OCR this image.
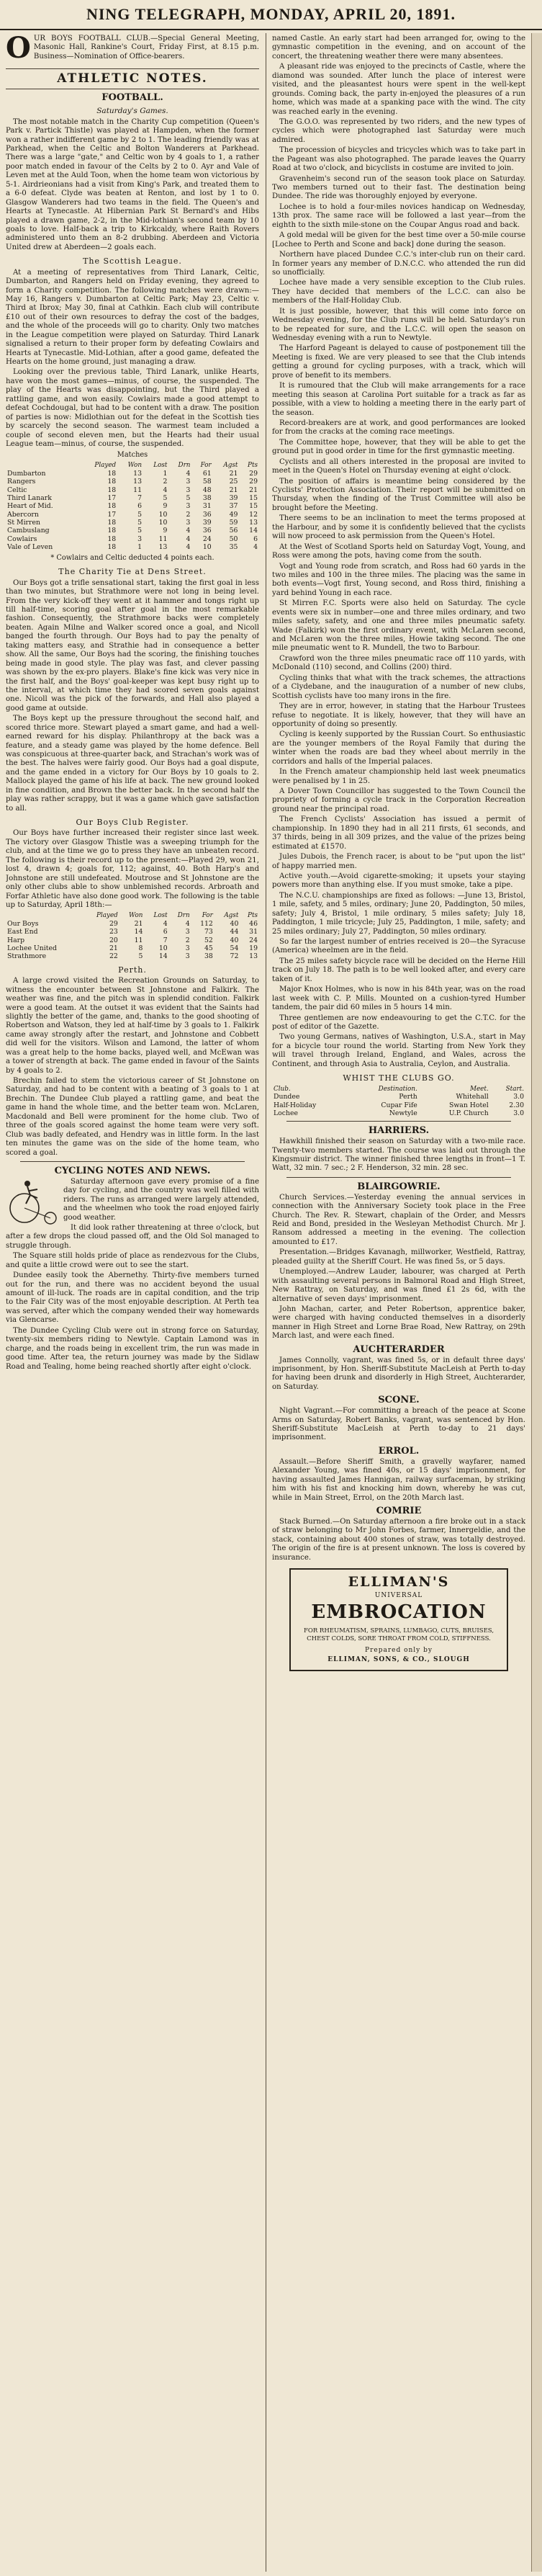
NING TELEGRAPH, MONDAY, APRIL 20, 1891.

OUR BOYS FOOTBALL CLUB.—Special General Meeting, Masonic Hall, Rankine's Court, Friday First, at 8.15 p.m. Business—Nomination of Office-bearers.

ATHLETIC NOTES.
FOOTBALL.
Saturday's Games.

The most notable match in the Charity Cup competition (Queen's Park v. Partick Thistle) was played at Hampden, when the former won a rather indifferent game by 2 to 1. The leading friendly was at Parkhead, when the Celtic and Bolton Wanderers at Parkhead. There was a large "gate," and Celtic won by 4 goals to 1, a rather poor match ended in favour of the Celts by 2 to 0. Ayr and Vale of Leven met at the Auld Toon, when the home team won victorious by 5-1. Airdrieonians had a visit from King's Park, and treated them to a 6-0 defeat. Clyde was beaten at Renton, and lost by 1 to 0. Glasgow Wanderers had two teams in the field. The Queen's and Hearts at Tynecastle. At Hibernian Park St Bernard's and Hibs played a drawn game, 2-2, in the Mid-lothian's second team by 10 goals to love. Half-back a trip to Kirkcaldy, where Raith Rovers administered unto them an 8-2 drubbing. Aberdeen and Victoria United drew at Aberdeen—2 goals each.

The Scottish League.

At a meeting of representatives from Third Lanark, Celtic, Dumbarton, and Rangers held on Friday evening, they agreed to form a Charity competition. The following matches were drawn:—May 16, Rangers v. Dumbarton at Celtic Park; May 23, Celtic v. Third at Ibrox; May 30, final at Cathkin. Each club will contribute £10 out of their own resources to defray the cost of the badges, and the whole of the proceeds will go to charity. Only two matches in the League competition were played on Saturday. Third Lanark signalised a return to their proper form by defeating Cowlairs and Hearts at Tynecastle. Mid-Lothian, after a good game, defeated the Hearts on the home ground, just managing a draw.

Looking over the previous table, Third Lanark, unlike Hearts, have won the most games—minus, of course, the suspended. The play of the Hearts was disappointing, but the Third played a rattling game, and won easily. Cowlairs made a good attempt to defeat Cochdougal, but had to be content with a draw. The position of parties is now: Midlothian out for the defeat in the Scottish ties by scarcely the second season. The warmest team included a couple of second eleven men, but the Hearts had their usual League team—minus, of course, the suspended.

Matches
	Played	Won	Lost	Drn	For	Agst	Pts
Dumbarton	18	13	1	4	61	21	29
Rangers	18	13	2	3	58	25	29
Celtic	18	11	4	3	48	21	21
Third Lanark	17	7	5	5	38	39	15
Heart of Mid.	18	6	9	3	31	37	15
Abercorn	17	5	10	2	36	49	12
St Mirren	18	5	10	3	39	59	13
Cambuslang	18	5	9	4	36	56	14
Cowlairs	18	3	11	4	24	50	6
Vale of Leven	18	1	13	4	10	35	4
* Cowlairs and Celtic deducted 4 points each.
The Charity Tie at Dens Street.

Our Boys got a trifle sensational start, taking the first goal in less than two minutes, but Strathmore were not long in being level. From the very kick-off they went at it hammer and tongs right up till half-time, scoring goal after goal in the most remarkable fashion. Consequently, the Strathmore backs were completely beaten. Again Milne and Walker scored once a goal, and Nicoll banged the fourth through. Our Boys had to pay the penalty of taking matters easy, and Strathie had in consequence a better show. All the same, Our Boys had the scoring, the finishing touches being made in good style. The play was fast, and clever passing was shown by the ex-pro players. Blake's fine kick was very nice in the first half, and the Boys' goal-keeper was kept busy right up to the interval, at which time they had scored seven goals against one. Nicoll was the pick of the forwards, and Hall also played a good game at outside.

The Boys kept up the pressure throughout the second half, and scored thrice more. Stewart played a smart game, and had a well-earned reward for his display. Philanthropy at the back was a feature, and a steady game was played by the home defence. Bell was conspicuous at three-quarter back, and Strachan's work was of the best. The halves were fairly good. Our Boys had a goal dispute, and the game ended in a victory for Our Boys by 10 goals to 2. Mallock played the game of his life at back. The new ground looked in fine condition, and Brown the better back. In the second half the play was rather scrappy, but it was a game which gave satisfaction to all.

Our Boys Club Register.

Our Boys have further increased their register since last week. The victory over Glasgow Thistle was a sweeping triumph for the club, and at the time we go to press they have an unbeaten record. The following is their record up to the present:—Played 29, won 21, lost 4, drawn 4; goals for, 112; against, 40. Both Harp's and Johnstone are still undefeated. Moutrose and St Johnstone are the only other clubs able to show unblemished records. Arbroath and Forfar Athletic have also done good work. The following is the table up to Saturday, April 18th:—

	Played	Won	Lost	Drn	For	Agst	Pts
Our Boys	29	21	4	4	112	40	46
East End	23	14	6	3	73	44	31
Harp	20	11	7	2	52	40	24
Lochee United	21	8	10	3	45	54	19
Strathmore	22	5	14	3	38	72	13
Perth.

A large crowd visited the Recreation Grounds on Saturday, to witness the encounter between St Johnstone and Falkirk. The weather was fine, and the pitch was in splendid condition. Falkirk were a good team. At the outset it was evident that the Saints had slightly the better of the game, and, thanks to the good shooting of Robertson and Watson, they led at half-time by 3 goals to 1. Falkirk came away strongly after the restart, and Johnstone and Cobbett did well for the visitors. Wilson and Lamond, the latter of whom was a great help to the home backs, played well, and McEwan was a tower of strength at back. The game ended in favour of the Saints by 4 goals to 2.

Brechin failed to stem the victorious career of St Johnstone on Saturday, and had to be content with a beating of 3 goals to 1 at Brechin. The Dundee Club played a rattling game, and beat the game in hand the whole time, and the better team won. McLaren, Macdonald and Bell were prominent for the home club. Two of three of the goals scored against the home team were very soft. Club was badly defeated, and Hendry was in little form. In the last ten minutes the game was on the side of the home team, who scored a goal.

CYCLING NOTES AND NEWS.

Saturday afternoon gave every promise of a fine day for cycling, and the country was well filled with riders. The runs as arranged were largely attended, and the wheelmen who took the road enjoyed fairly good weather.

It did look rather threatening at three o'clock, but after a few drops the cloud passed off, and the Old Sol managed to struggle through.

The Square still holds pride of place as rendezvous for the Clubs, and quite a little crowd were out to see the start.

Dundee easily took the Abernethy. Thirty-five members turned out for the run, and there was no accident beyond the usual amount of ill-luck. The roads are in capital condition, and the trip to the Fair City was of the most enjoyable description. At Perth tea was served, after which the company wended their way homewards via Glencarse.

The Dundee Cycling Club were out in strong force on Saturday, twenty-six members riding to Newtyle. Captain Lamond was in charge, and the roads being in excellent trim, the run was made in good time. After tea, the return journey was made by the Sidlaw Road and Tealing, home being reached shortly after eight o'clock.

named Castle. An early start had been arranged for, owing to the gymnastic competition in the evening, and on account of the concert, the threatening weather there were many absentees.

A pleasant ride was enjoyed to the precincts of Castle, where the diamond was sounded. After lunch the place of interest were visited, and the pleasantest hours were spent in the well-kept grounds. Coming back, the party in-enjoyed the pleasures of a run home, which was made at a spanking pace with the wind. The city was reached early in the evening.

The G.O.O. was represented by two riders, and the new types of cycles which were photographed last Saturday were much admired.

The procession of bicycles and tricycles which was to take part in the Pageant was also photographed. The parade leaves the Quarry Road at two o'clock, and bicyclists in costume are invited to join.

Gravenheim's second run of the season took place on Saturday. Two members turned out to their fast. The destination being Dundee. The ride was thoroughly enjoyed by everyone.

Lochee is to hold a four-miles novices handicap on Wednesday, 13th prox. The same race will be followed a last year—from the eighth to the sixth mile-stone on the Coupar Angus road and back.

A gold medal will be given for the best time over a 50-mile course [Lochee to Perth and Scone and back] done during the season.

Northern have placed Dundee C.C.'s inter-club run on their card. In former years any member of D.N.C.C. who attended the run did so unofficially.

Lochee have made a very sensible exception to the Club rules. They have decided that members of the L.C.C. can also be members of the Half-Holiday Club.

It is just possible, however, that this will come into force on Wednesday evening, for the Club runs will be held. Saturday's run to be repeated for sure, and the L.C.C. will open the season on Wednesday evening with a run to Newtyle.

The Harford Pageant is delayed to cause of postponement till the Meeting is fixed. We are very pleased to see that the Club intends getting a ground for cycling purposes, with a track, which will prove of benefit to its members.

It is rumoured that the Club will make arrangements for a race meeting this season at Carolina Port suitable for a track as far as possible, with a view to holding a meeting there in the early part of the season.

Record-breakers are at work, and good performances are looked for from the cracks at the coming race meetings.

The Committee hope, however, that they will be able to get the ground put in good order in time for the first gymnastic meeting.

Cyclists and all others interested in the proposal are invited to meet in the Queen's Hotel on Thursday evening at eight o'clock.

The position of affairs is meantime being considered by the Cyclists' Protection Association. Their report will be submitted on Thursday, when the finding of the Trust Committee will also be brought before the Meeting.

There seems to be an inclination to meet the terms proposed at the Harbour, and by some it is confidently believed that the cyclists will now proceed to ask permission from the Queen's Hotel.

At the West of Scotland Sports held on Saturday Vogt, Young, and Ross were among the pots, having come from the south.

Vogt and Young rode from scratch, and Ross had 60 yards in the two miles and 100 in the three miles. The placing was the same in both events—Vogt first, Young second, and Ross third, finishing a yard behind Young in each race.

St Mirren F.C. Sports were also held on Saturday. The cycle events were six in number—one and three miles ordinary, and two miles safety, safety, and one and three miles pneumatic safety. Wade (Falkirk) won the first ordinary event, with McLaren second, and McLaren won the three miles, Howie taking second. The one mile pneumatic went to R. Mundell, the two to Barbour.

Crawford won the three miles pneumatic race off 110 yards, with McDonald (110) second, and Collins (200) third.

Cycling thinks that what with the track schemes, the attractions of a Clydebane, and the inauguration of a number of new clubs, Scottish cyclists have too many irons in the fire.

They are in error, however, in stating that the Harbour Trustees refuse to negotiate. It is likely, however, that they will have an opportunity of doing so presently.

Cycling is keenly supported by the Russian Court. So enthusiastic are the younger members of the Royal Family that during the winter when the roads are bad they wheel about merrily in the corridors and halls of the Imperial palaces.

In the French amateur championship held last week pneumatics were penalised by 1 in 25.

A Dover Town Councillor has suggested to the Town Council the propriety of forming a cycle track in the Corporation Recreation ground near the principal road.

The French Cyclists' Association has issued a permit of championship. In 1890 they had in all 211 firsts, 61 seconds, and 37 thirds, being in all 309 prizes, and the value of the prizes being estimated at £1570.

Jules Dubois, the French racer, is about to be "put upon the list" of happy married men.

Active youth.—Avoid cigarette-smoking; it upsets your staying powers more than anything else. If you must smoke, take a pipe.

The N.C.U. championships are fixed as follows: —June 13, Bristol, 1 mile, safety, and 5 miles, ordinary; June 20, Paddington, 50 miles, safety; July 4, Bristol, 1 mile ordinary, 5 miles safety; July 18, Paddington, 1 mile tricycle; July 25, Paddington, 1 mile, safety; and 25 miles ordinary; July 27, Paddington, 50 miles ordinary.

So far the largest number of entries received is 20—the Syracuse (America) wheelmen are in the field.

The 25 miles safety bicycle race will be decided on the Herne Hill track on July 18. The path is to be well looked after, and every care taken of it.

Major Knox Holmes, who is now in his 84th year, was on the road last week with C. P. Mills. Mounted on a cushion-tyred Humber tandem, the pair did 60 miles in 5 hours 14 min.

Three gentlemen are now endeavouring to get the C.T.C. for the post of editor of the Gazette.

Two young Germans, natives of Washington, U.S.A., start in May for a bicycle tour round the world. Starting from New York they will travel through Ireland, England, and Wales, across the Continent, and through Asia to Australia, Ceylon, and Australia.

WHIST THE CLUBS GO.
Club.	Destination.	Meet.	Start.
Dundee	Perth	Whitehall	3.0
Half-Holiday	Cupar Fife	Swan Hotel	2.30
Lochee	Newtyle	U.P. Church	3.0
HARRIERS.

Hawkhill finished their season on Saturday with a two-mile race. Twenty-two members started. The course was laid out through the Kingsmuir district. The winner finished three lengths in front—1 T. Watt, 32 min. 7 sec.; 2 F. Henderson, 32 min. 28 sec.

BLAIRGOWRIE.

Church Services.—Yesterday evening the annual services in connection with the Anniversary Society took place in the Free Church. The Rev. R. Stewart, chaplain of the Order, and Messrs Reid and Bond, presided in the Wesleyan Methodist Church. Mr J. Ransom addressed a meeting in the evening. The collection amounted to £17.

Presentation.—Bridges Kavanagh, millworker, Westfield, Rattray, pleaded guilty at the Sheriff Court. He was fined 5s, or 5 days.

Unemployed.—Andrew Lauder, labourer, was charged at Perth with assaulting several persons in Balmoral Road and High Street, New Rattray, on Saturday, and was fined £1 2s 6d, with the alternative of seven days' imprisonment.

John Machan, carter, and Peter Robertson, apprentice baker, were charged with having conducted themselves in a disorderly manner in High Street and Lorne Brae Road, New Rattray, on 29th March last, and were each fined.

AUCHTERARDER

James Connolly, vagrant, was fined 5s, or in default three days' imprisonment, by Hon. Sheriff-Substitute MacLeish at Perth to-day for having been drunk and disorderly in High Street, Auchterarder, on Saturday.

SCONE.

Night Vagrant.—For committing a breach of the peace at Scone Arms on Saturday, Robert Banks, vagrant, was sentenced by Hon. Sheriff-Substitute MacLeish at Perth to-day to 21 days' imprisonment.

ERROL.

Assault.—Before Sheriff Smith, a gravelly wayfarer, named Alexander Young, was fined 40s, or 15 days' imprisonment, for having assaulted James Hannigan, railway surfaceman, by striking him with his fist and knocking him down, whereby he was cut, while in Main Street, Errol, on the 20th March last.

COMRIE

Stack Burned.—On Saturday afternoon a fire broke out in a stack of straw belonging to Mr John Forbes, farmer, Innergeldie, and the stack, containing about 400 stones of straw, was totally destroyed. The origin of the fire is at present unknown. The loss is covered by insurance.

ELLIMAN'S
UNIVERSAL
EMBROCATION
FOR RHEUMATISM, SPRAINS, LUMBAGO, CUTS, BRUISES, CHEST COLDS, SORE THROAT FROM COLD, STIFFNESS.
Prepared only by
ELLIMAN, SONS, & CO., SLOUGH
